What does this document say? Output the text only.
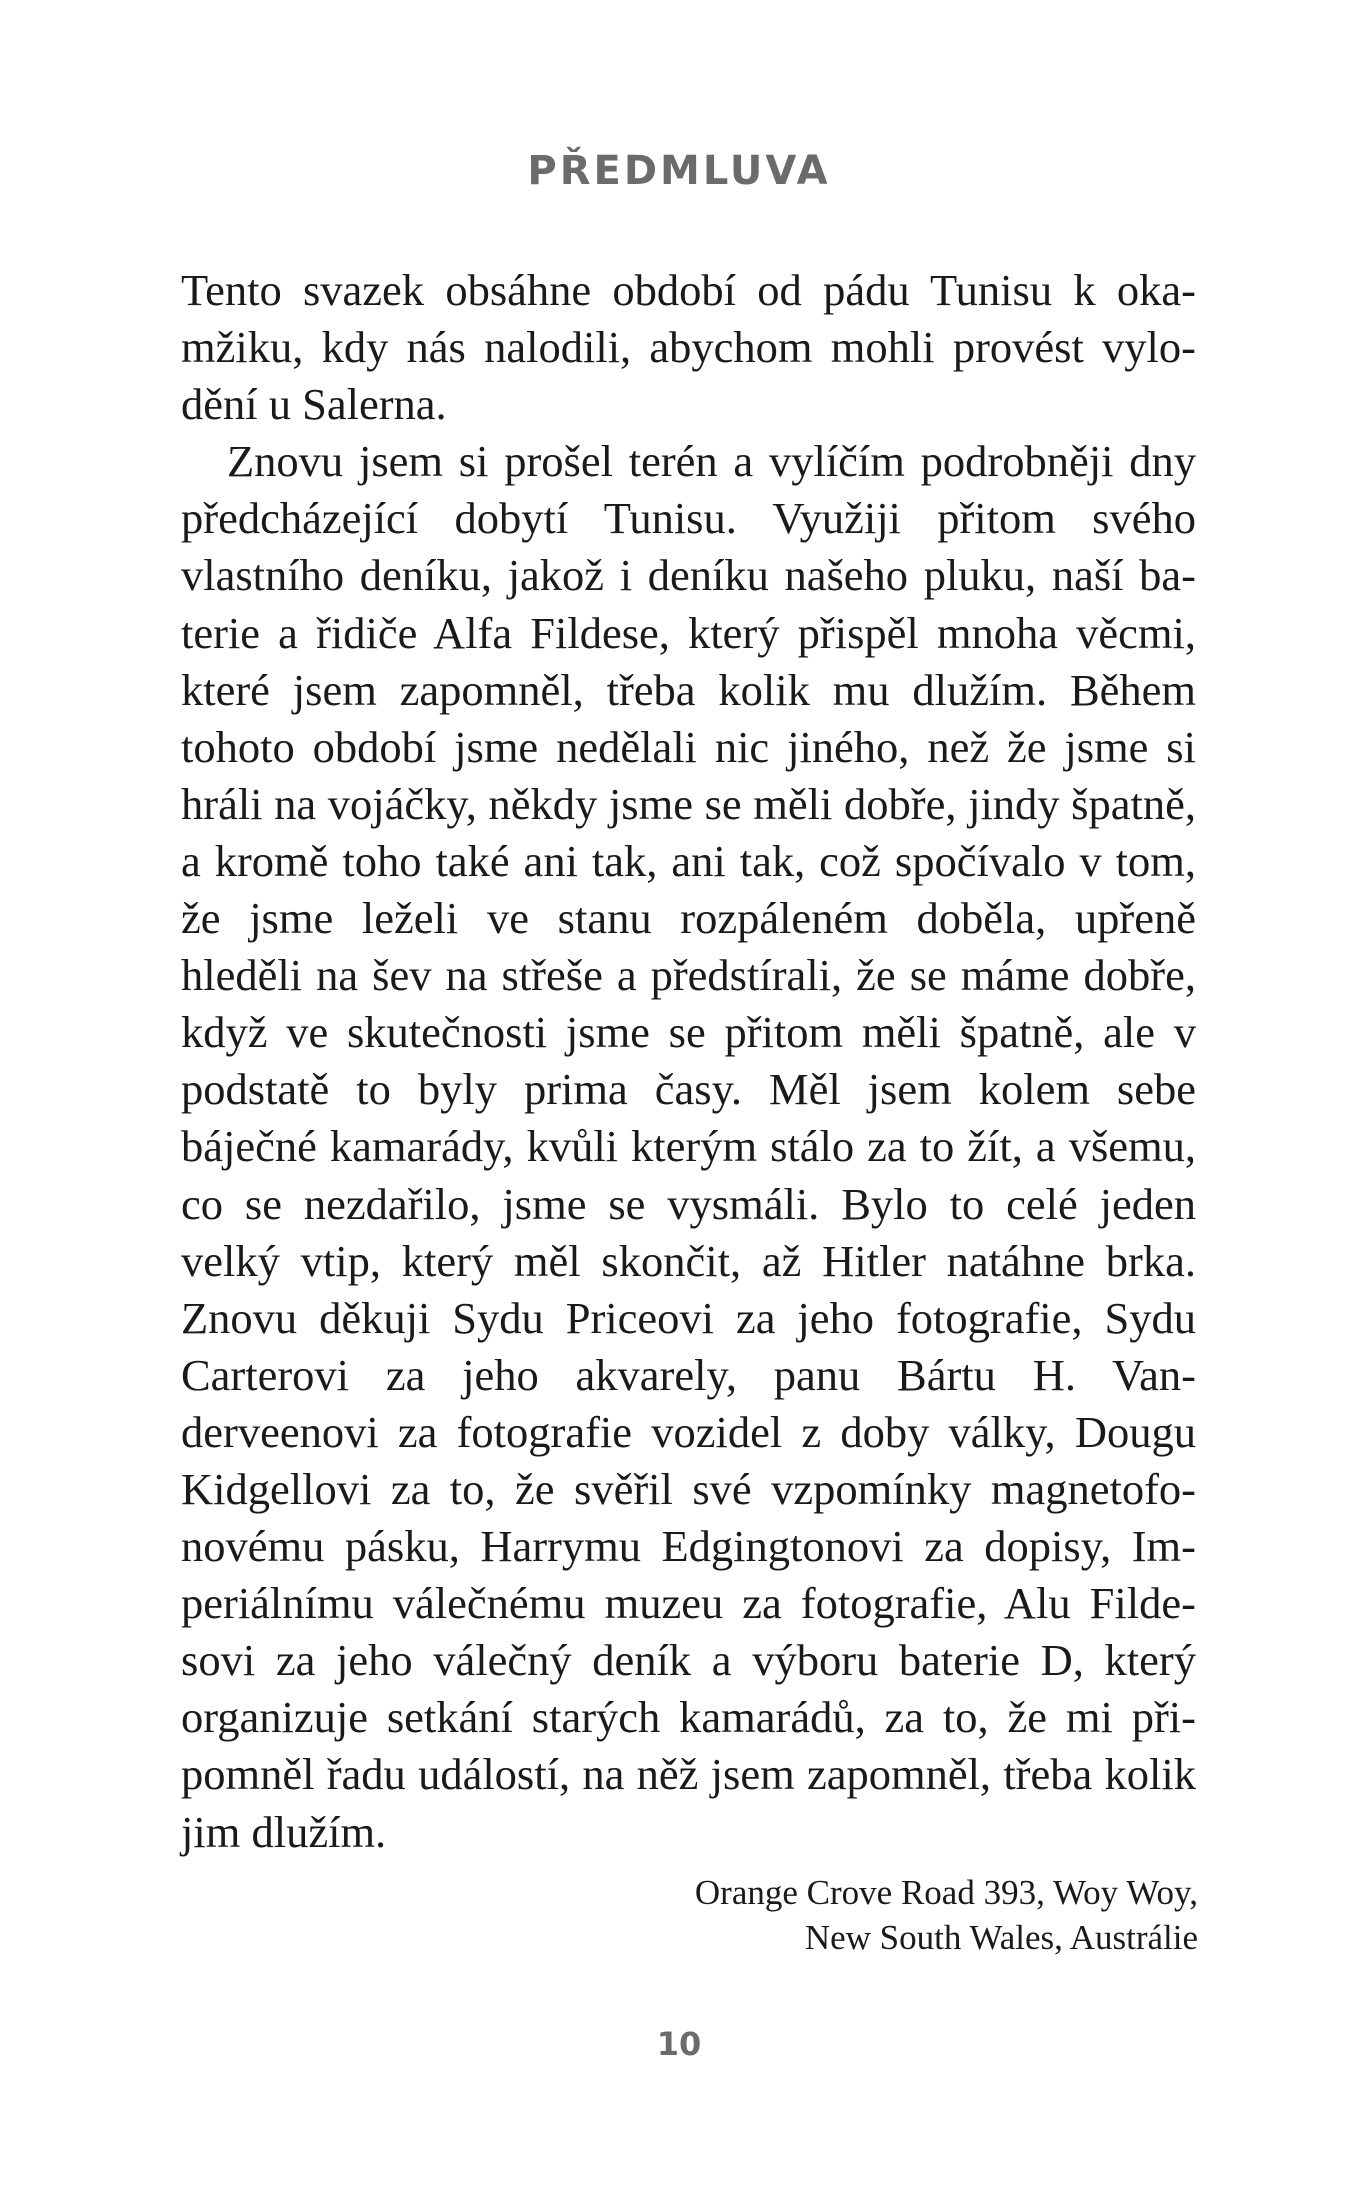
PŘEDMLUVA

Tento svazek obsáhne období od pádu Tunisu k okamžiku, kdy nás nalodili, abychom mohli provést vylodění u Salerna.

Znovu jsem si prošel terén a vylíčím podrobněji dny předcházející dobytí Tunisu. Využiji přitom svého vlastního deníku, jakož i deníku našeho pluku, naší baterie a řidiče Alfa Fildese, který přispěl mnoha věcmi, které jsem zapomněl, třeba kolik mu dlužím. Během tohoto období jsme nedělali nic jiného, než že jsme si hráli na vojáčky, někdy jsme se měli dobře, jindy špatně, a kromě toho také ani tak, ani tak, což spočívalo v tom, že jsme leželi ve stanu rozpáleném doběla, upřeně hleděli na šev na střeše a předstírali, že se máme dobře, když ve skutečnosti jsme se přitom měli špatně, ale v podstatě to byly prima časy. Měl jsem kolem sebe báječné kamarády, kvůli kterým stálo za to žít, a všemu, co se nezdařilo, jsme se vysmáli. Bylo to celé jeden velký vtip, který měl skončit, až Hitler natáhne brka. Znovu děkuji Sydu Priceovi za jeho fotografie, Sydu Carterovi za jeho akvarely, panu Bártu H. Vanderveenovi za fotografie vozidel z doby války, Dougu Kidgellovi za to, že svěřil své vzpomínky magnetofonovému pásku, Harrymu Edgingtonovi za dopisy, Imperiálnímu válečnému muzeu za fotografie, Alu Fildesovi za jeho válečný deník a výboru baterie D, který organizuje setkání starých kamarádů, za to, že mi připomněl řadu událostí, na něž jsem zapomněl, třeba kolik jim dlužím.

Orange Crove Road 393, Woy Woy,
New South Wales, Austrálie
10
